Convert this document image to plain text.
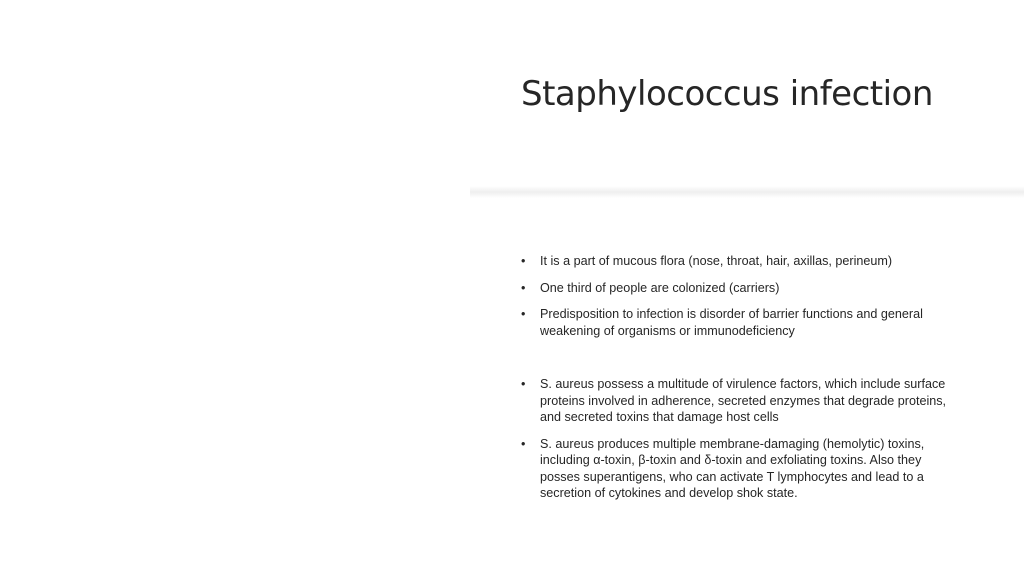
Staphylococcus infection
• It is a part of mucous flora (nose, throat, hair, axillas, perineum)
• One third of people are colonized (carriers)
• Predisposition to infection is disorder of barrier functions and general weakening of organisms or immunodeficiency
• S. aureus possess a multitude of virulence factors, which include surface proteins involved in adherence, secreted enzymes that degrade proteins, and secreted toxins that damage host cells
• S. aureus produces multiple membrane-damaging (hemolytic) toxins, including α-toxin, β-toxin and δ-toxin and exfoliating toxins. Also they posses superantigens, who can activate T lymphocytes and lead to a secretion of cytokines and develop shok state.
